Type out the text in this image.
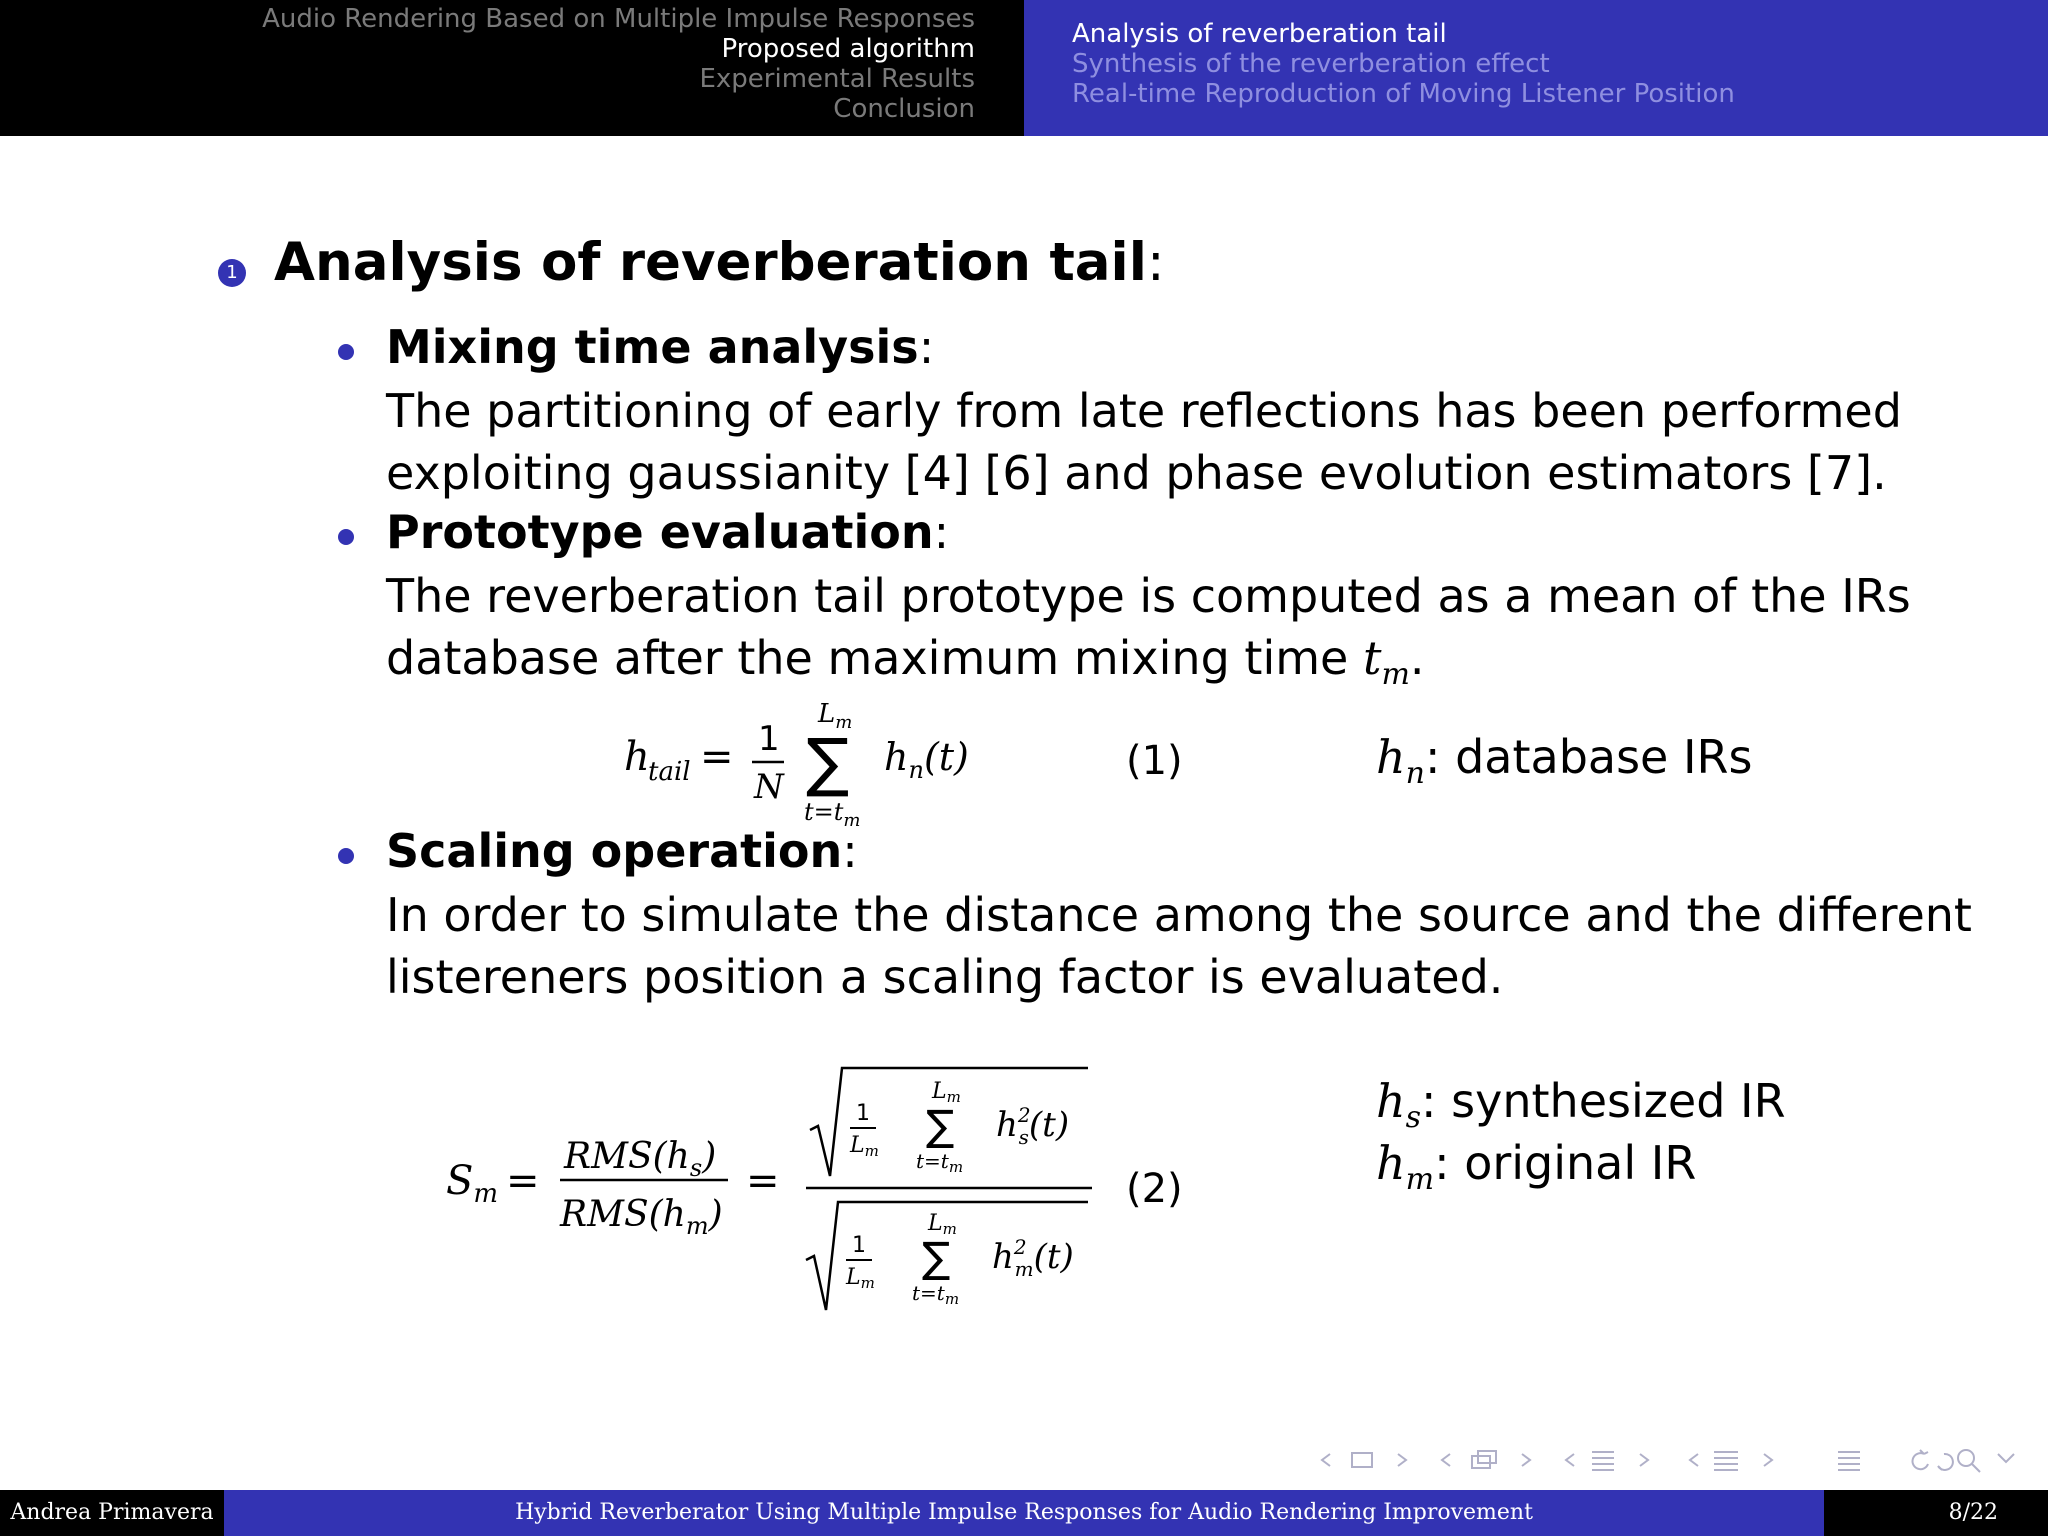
Audio Rendering Based on Multiple Impulse Responses
Proposed algorithm
Experimental Results
Conclusion
Analysis of reverberation tail
Synthesis of the reverberation effect
Real-time Reproduction of Moving Listener Position
1 Analysis of reverberation tail:
Mixing time analysis:
The partitioning of early from late reflections has been performed
exploiting gaussianity [4] [6] and phase evolution estimators [7].
Prototype evaluation:
The reverberation tail prototype is computed as a mean of the IRs
database after the maximum mixing time $t_m$.
h
tail = 1
N ∑
$L_m$
$t=t_m$
$h_n(t)$	(1)	$h_n$: database IRs
Scaling operation:
In order to simulate the distance among the source and the different
listereners position a scaling factor is evaluated.
$S_m$ =
$RMS(h_s)$
$RMS(h_m)$
=
1
Lm
∑
Lm
$t=t_m$
$h^2$ s(t)
1
Lm
∑
Lm
$t=t_m$
$h^2$ m(t)
(2)
$h_s$: synthesized IR
$h_m$: original IR
Andrea Primavera	Hybrid Reverberator Using Multiple Impulse Responses for Audio Rendering Improvement	8/22
